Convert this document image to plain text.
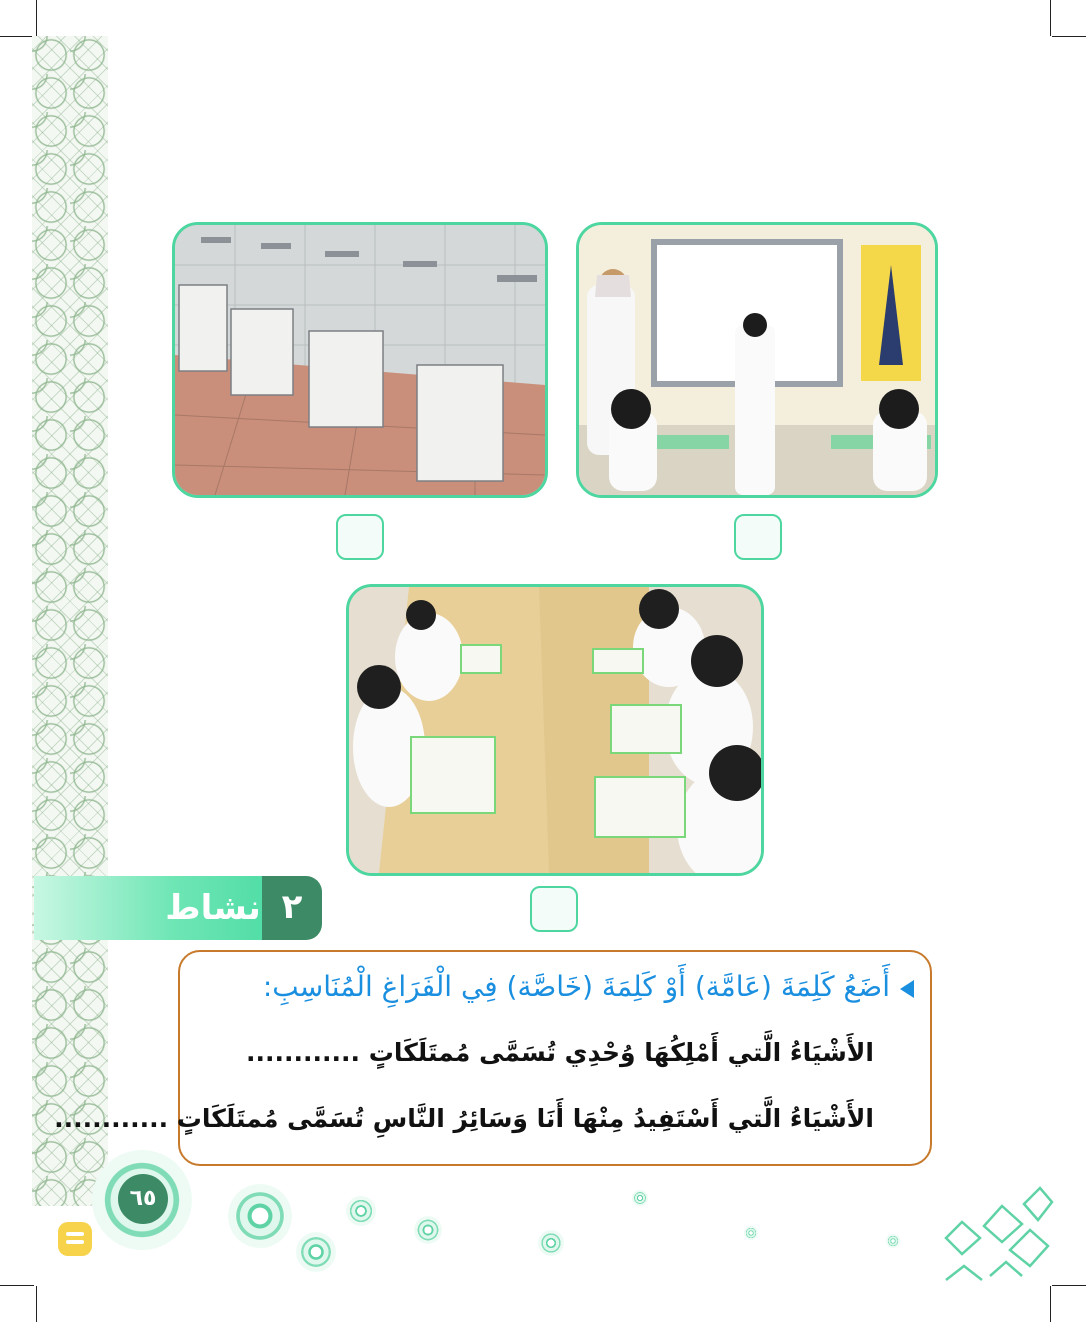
نشاط ٢
أَضَعُ كَلِمَةَ (عَامَّة) أَوْ كَلِمَةَ (خَاصَّة) فِي الْفَرَاغِ الْمُنَاسِبِ:
الأَشْيَاءُ الَّتي أَمْلِكُهَا وُحْدِي تُسَمَّى مُمتَلَكَاتٍ ............
الأَشْيَاءُ الَّتي أَسْتَفِيدُ مِنْهَا أَنَا وَسَائِرُ النَّاسِ تُسَمَّى مُمتَلَكَاتٍ ............
٦٥
